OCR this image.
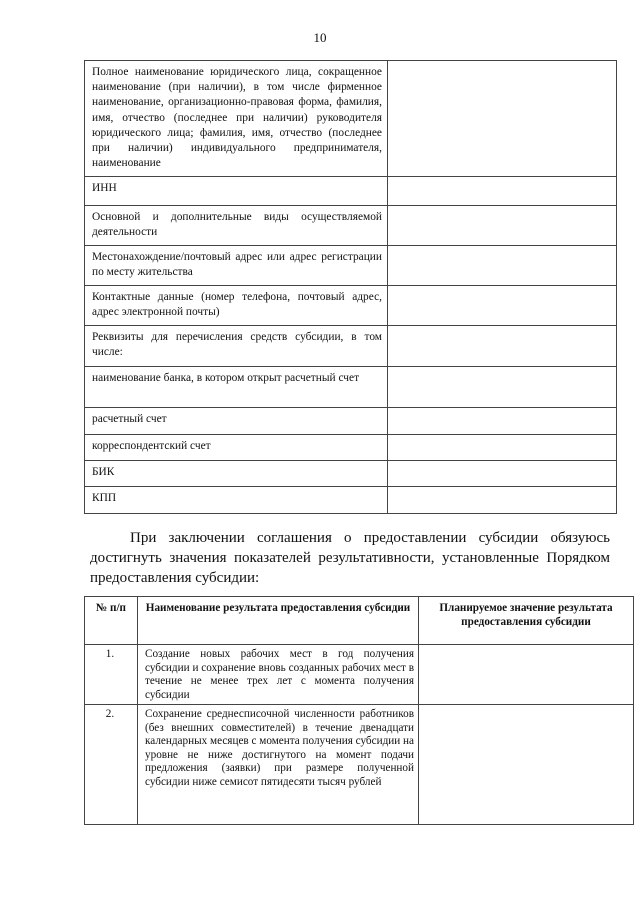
10
Полное наименование юридического лица, сокращенное наименование (при наличии), в том числе фирменное наименование, организационно-правовая форма, фамилия, имя, отчество (последнее при наличии) руководителя юридического лица; фамилия, имя, отчество (последнее при наличии) индивидуального предпринимателя, наименование	
ИНН	
Основной и дополнительные виды осуществляемой деятельности	
Местонахождение/почтовый адрес или адрес регистрации по месту жительства	
Контактные данные (номер телефона, почтовый адрес, адрес электронной почты)	
Реквизиты для перечисления средств субсидии, в том числе:	
наименование банка, в котором открыт расчетный счет	
расчетный счет	
корреспондентский счет	
БИК	
КПП	

При заключении соглашения о предоставлении субсидии обязуюсь достигнуть значения показателей результативности, установленные Порядком предоставления субсидии:

№ п/п	Наименование результата предоставления субсидии	Планируемое значение результата предоставления субсидии
1.	Создание новых рабочих мест в год получения субсидии и сохранение вновь созданных рабочих мест в течение не менее трех лет с момента получения субсидии	
2.	Сохранение среднесписочной численности работников (без внешних совместителей) в течение двенадцати календарных месяцев с момента получения субсидии на уровне не ниже достигнутого на момент подачи предложения (заявки) при размере полученной субсидии ниже семисот пятидесяти тысяч рублей	
